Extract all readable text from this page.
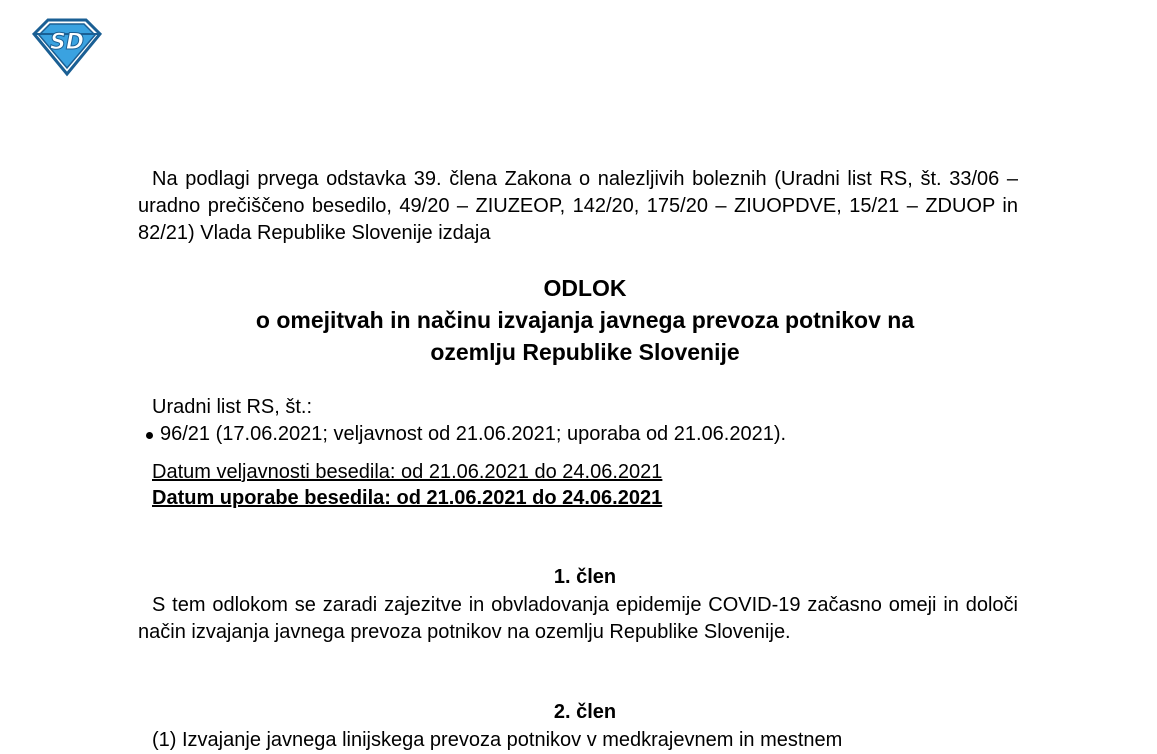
SD

Na podlagi prvega odstavka 39. člena Zakona o nalezljivih boleznih (Uradni list RS, št. 33/06 – uradno prečiščeno besedilo, 49/20 – ZIUZEOP, 142/20, 175/20 – ZIUOPDVE, 15/21 – ZDUOP in 82/21) Vlada Republike Slovenije izdaja

ODLOK
o omejitvah in načinu izvajanja javnega prevoza potnikov na
ozemlju Republike Slovenije
Uradni list RS, št.:
96/21 (17.06.2021; veljavnost od 21.06.2021; uporaba od 21.06.2021).
Datum veljavnosti besedila: od 21.06.2021 do 24.06.2021
Datum uporabe besedila: od 21.06.2021 do 24.06.2021
1. člen

S tem odlokom se zaradi zajezitve in obvladovanja epidemije COVID-19 začasno omeji in določi način izvajanja javnega prevoza potnikov na ozemlju Republike Slovenije.

2. člen

(1) Izvajanje javnega linijskega prevoza potnikov v medkrajevnem in mestnem
